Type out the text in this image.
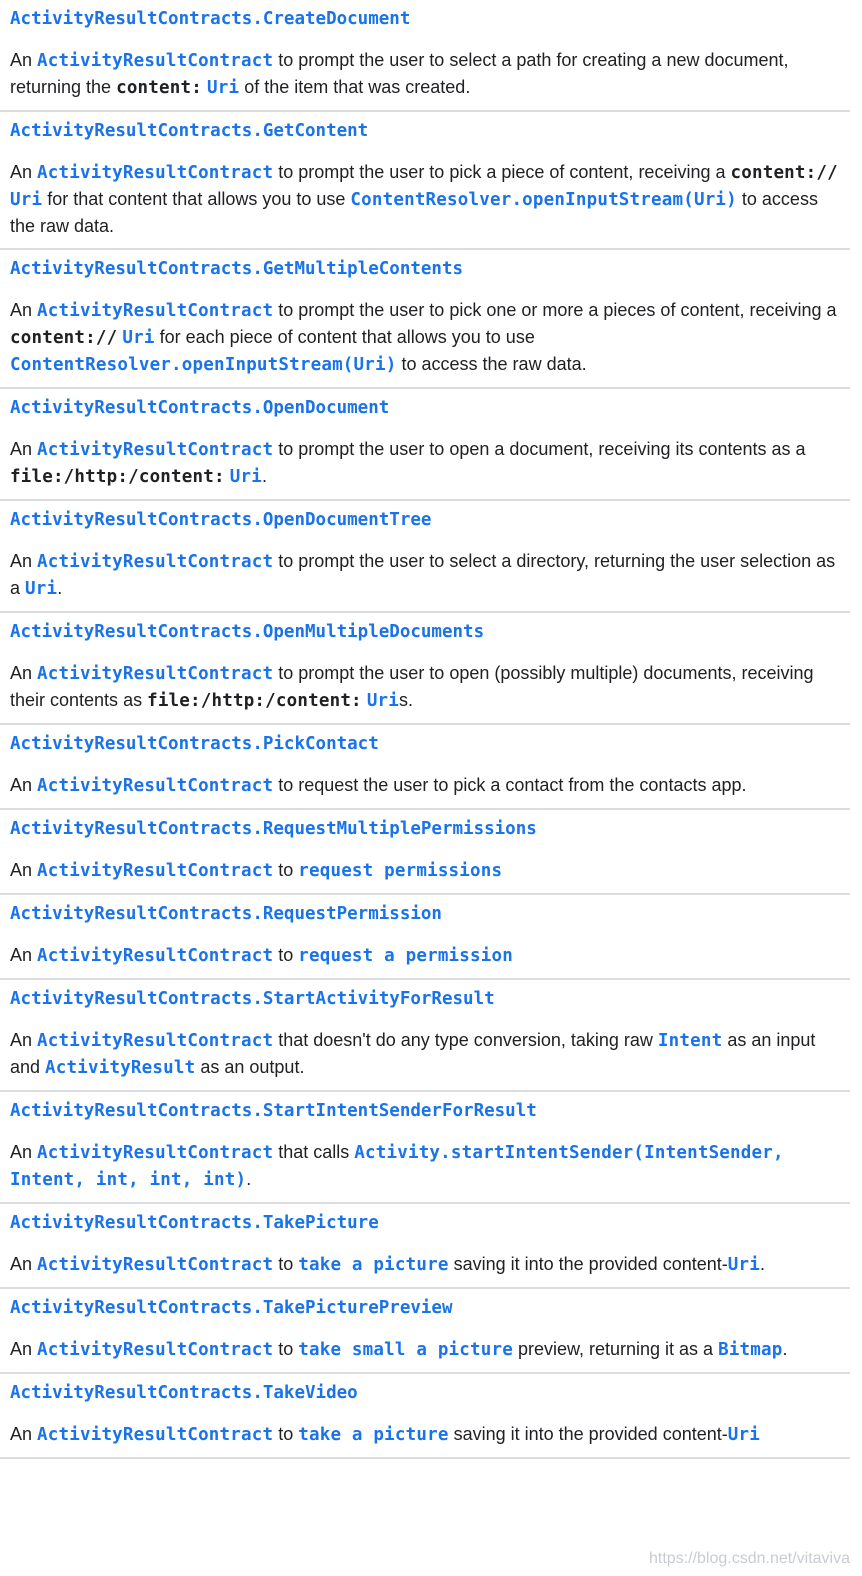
ActivityResultContracts.CreateDocument
An ActivityResultContract to prompt the user to select a path for creating a new document, returning the content: Uri of the item that was created.
ActivityResultContracts.GetContent
An ActivityResultContract to prompt the user to pick a piece of content, receiving a content:// Uri for that content that allows you to use ContentResolver.openInputStream(Uri) to access the raw data.
ActivityResultContracts.GetMultipleContents
An ActivityResultContract to prompt the user to pick one or more a pieces of content, receiving a content:// Uri for each piece of content that allows you to use ContentResolver.openInputStream(Uri) to access the raw data.
ActivityResultContracts.OpenDocument
An ActivityResultContract to prompt the user to open a document, receiving its contents as a file:/http:/content: Uri.
ActivityResultContracts.OpenDocumentTree
An ActivityResultContract to prompt the user to select a directory, returning the user selection as a Uri.
ActivityResultContracts.OpenMultipleDocuments
An ActivityResultContract to prompt the user to open (possibly multiple) documents, receiving their contents as file:/http:/content: Uris.
ActivityResultContracts.PickContact
An ActivityResultContract to request the user to pick a contact from the contacts app.
ActivityResultContracts.RequestMultiplePermissions
An ActivityResultContract to request permissions
ActivityResultContracts.RequestPermission
An ActivityResultContract to request a permission
ActivityResultContracts.StartActivityForResult
An ActivityResultContract that doesn't do any type conversion, taking raw Intent as an input and ActivityResult as an output.
ActivityResultContracts.StartIntentSenderForResult
An ActivityResultContract that calls Activity.startIntentSender(IntentSender, Intent, int, int, int).
ActivityResultContracts.TakePicture
An ActivityResultContract to take a picture saving it into the provided content-Uri.
ActivityResultContracts.TakePicturePreview
An ActivityResultContract to take small a picture preview, returning it as a Bitmap.
ActivityResultContracts.TakeVideo
An ActivityResultContract to take a picture saving it into the provided content-Uri
https://blog.csdn.net/vitaviva
